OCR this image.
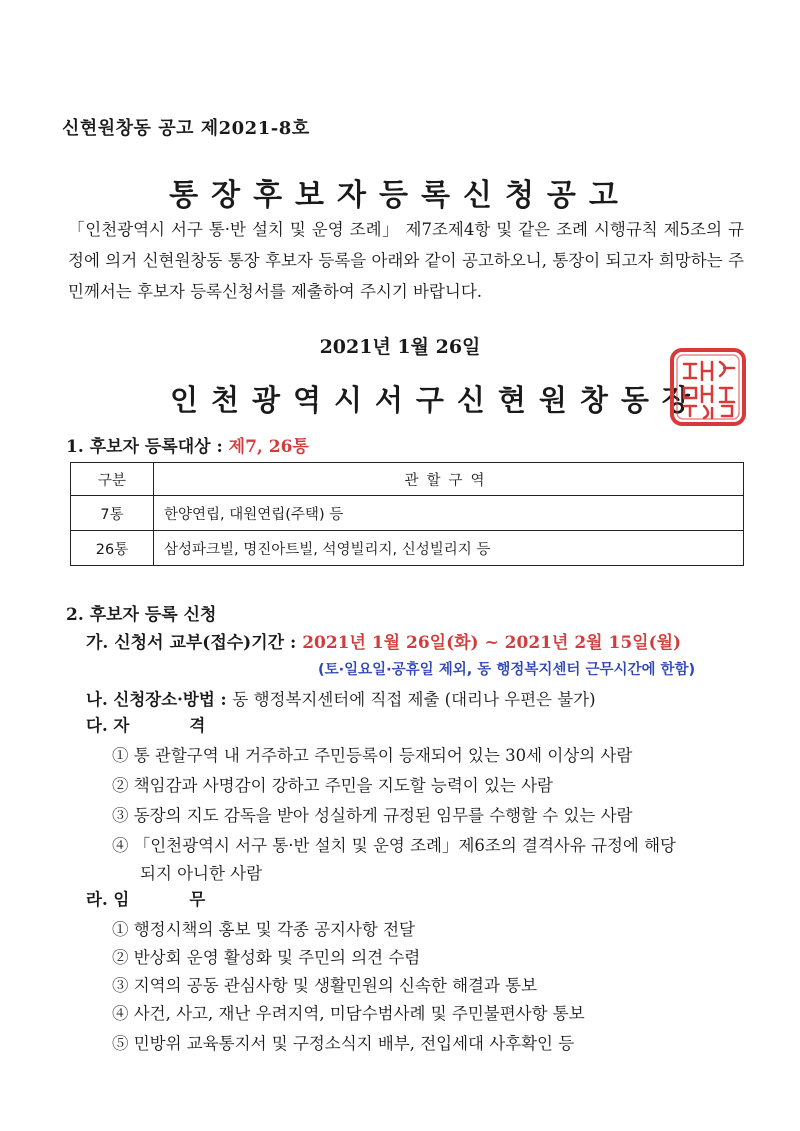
신현원창동 공고 제2021-8호
통장후보자등록신청공고
「인천광역시 서구 통·반 설치 및 운영 조례」 제7조제4항 및 같은 조례 시행규칙 제5조의 규정에 의거 신현원창동 통장 후보자 등록을 아래와 같이 공고하오니, 통장이 되고자 희망하는 주민께서는 후보자 등록신청서를 제출하여 주시기 바랍니다.
2021년 1월 26일
인 천 광 역 시 서 구 신 현 원 창 동 장
1. 후보자 등록대상 : 제7, 26통
구분	관할구역
7통	한양연립, 대원연립(주택) 등
26통	삼성파크빌, 명진아트빌, 석영빌리지, 신성빌리지 등
2. 후보자 등록 신청
가. 신청서 교부(접수)기간 : 2021년 1월 26일(화) ~ 2021년 2월 15일(월)
(토·일요일·공휴일 제외, 동 행정복지센터 근무시간에 한함)
나. 신청장소·방법 : 동 행정복지센터에 직접 제출 (대리나 우편은 불가)
다. 자	격
① 통 관할구역 내 거주하고 주민등록이 등재되어 있는 30세 이상의 사람
② 책임감과 사명감이 강하고 주민을 지도할 능력이 있는 사람
③ 동장의 지도 감독을 받아 성실하게 규정된 임무를 수행할 수 있는 사람
④ 「인천광역시 서구 통·반 설치 및 운영 조례」제6조의 결격사유 규정에 해당
되지 아니한 사람
라. 임	무
① 행정시책의 홍보 및 각종 공지사항 전달
② 반상회 운영 활성화 및 주민의 의견 수렴
③ 지역의 공동 관심사항 및 생활민원의 신속한 해결과 통보
④ 사건, 사고, 재난 우려지역, 미담수범사례 및 주민불편사항 통보
⑤ 민방위 교육통지서 및 구정소식지 배부, 전입세대 사후확인 등
